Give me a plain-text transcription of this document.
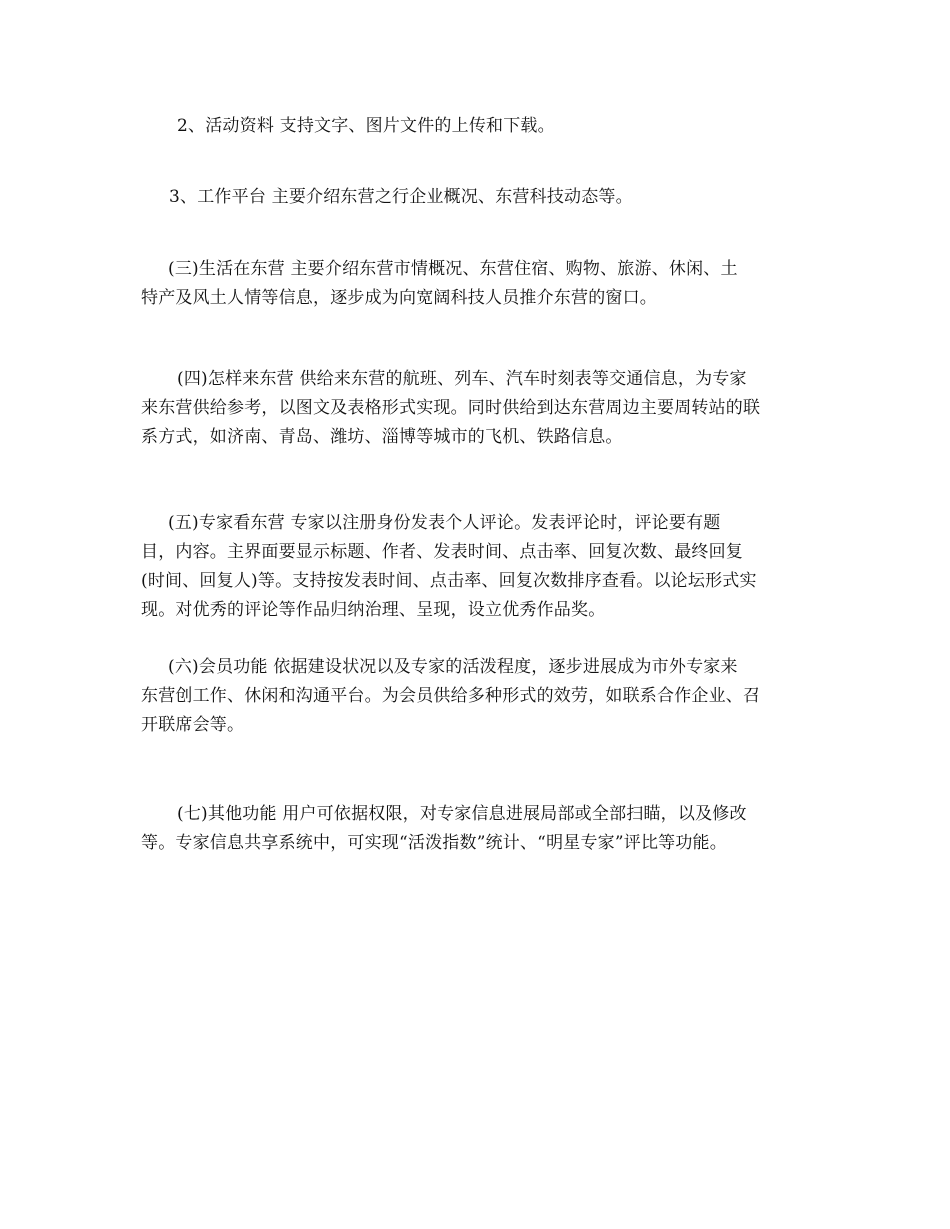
2、活动资料 支持文字、图片文件的上传和下载。

3、工作平台 主要介绍东营之行企业概况、东营科技动态等。

(三)生活在东营 主要介绍东营市情概况、东营住宿、购物、旅游、休闲、土
特产及风土人情等信息，逐步成为向宽阔科技人员推介东营的窗口。

(四)怎样来东营 供给来东营的航班、列车、汽车时刻表等交通信息，为专家
来东营供给参考，以图文及表格形式实现。同时供给到达东营周边主要周转站的联
系方式，如济南、青岛、潍坊、淄博等城市的飞机、铁路信息。

(五)专家看东营 专家以注册身份发表个人评论。发表评论时，评论要有题
目，内容。主界面要显示标题、作者、发表时间、点击率、回复次数、最终回复
(时间、回复人)等。支持按发表时间、点击率、回复次数排序查看。以论坛形式实
现。对优秀的评论等作品归纳治理、呈现，设立优秀作品奖。

(六)会员功能 依据建设状况以及专家的活泼程度，逐步进展成为市外专家来
东营创工作、休闲和沟通平台。为会员供给多种形式的效劳，如联系合作企业、召
开联席会等。

(七)其他功能 用户可依据权限，对专家信息进展局部或全部扫瞄，以及修改
等。专家信息共享系统中，可实现“活泼指数”统计、“明星专家”评比等功能。
